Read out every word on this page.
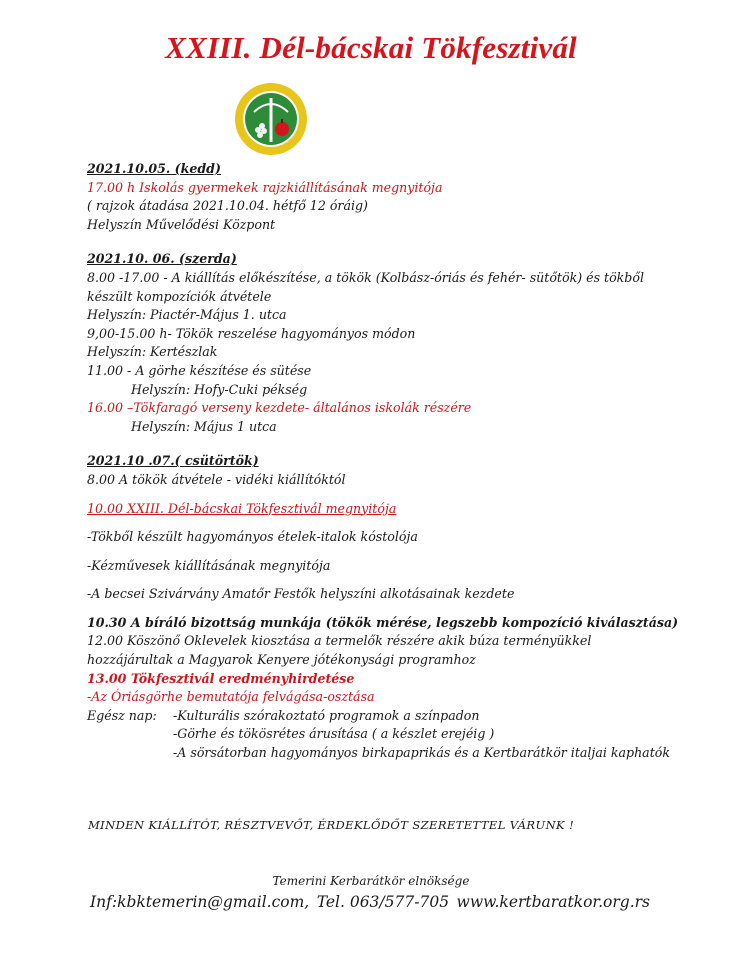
XXIII. Dél-bácskai Tökfesztivál
2021.10.05. (kedd)
17.00 h Iskolás gyermekek rajzkiállításának megnyitója
( rajzok átadása 2021.10.04. hétfő 12 óráig)
Helyszín Művelődési Központ
2021.10. 06. (szerda)
8.00 -17.00 - A kiállítás előkészítése, a tökök (Kolbász-óriás és fehér- sütőtök) és tökből
készült kompozíciók átvétele
Helyszín: Piactér-Május 1. utca
9,00-15.00 h- Tökök reszelése hagyományos módon
Helyszín: Kertészlak
11.00 - A görhe készítése és sütése
Helyszín: Hofy-Cuki pékség
16.00 –Tökfaragó verseny kezdete- általános iskolák részére
Helyszín: Május 1 utca
2021.10 .07.( csütörtök)
8.00 A tökök átvétele - vidéki kiállítóktól
10.00 XXIII. Dél-bácskai Tökfesztivál megnyitója
-Tökből készült hagyományos ételek-italok kóstolója
-Kézművesek kiállításának megnyitója
-A becsei Szivárvány Amatőr Festők helyszíni alkotásainak kezdete
10.30 A bíráló bizottság munkája (tökök mérése, legszebb kompozíció kiválasztása)
12.00 Köszönő Oklevelek kiosztása a termelők részére akik búza terményükkel
hozzájárultak a Magyarok Kenyere jótékonysági programhoz
13.00 Tökfesztivál eredményhirdetése
-Az Óriásgörhe bemutatója felvágása-osztása
Egész nap:	-Kulturális szórakoztató programok a színpadon
-Görhe és tökösrétes árusítása ( a készlet erejéig )
-A sörsátorban hagyományos birkapaprikás és a Kertbarátkör italjai kaphatók
MINDEN KIÁLLÍTÓT, RÉSZTVEVŐT, ÉRDEKLŐDŐT SZERETETTEL VÁRUNK !
Temerini Kerbarátkör elnöksége
Inf:kbktemerin@gmail.com, Tel. 063/577-705 www.kertbaratkor.org.rs
